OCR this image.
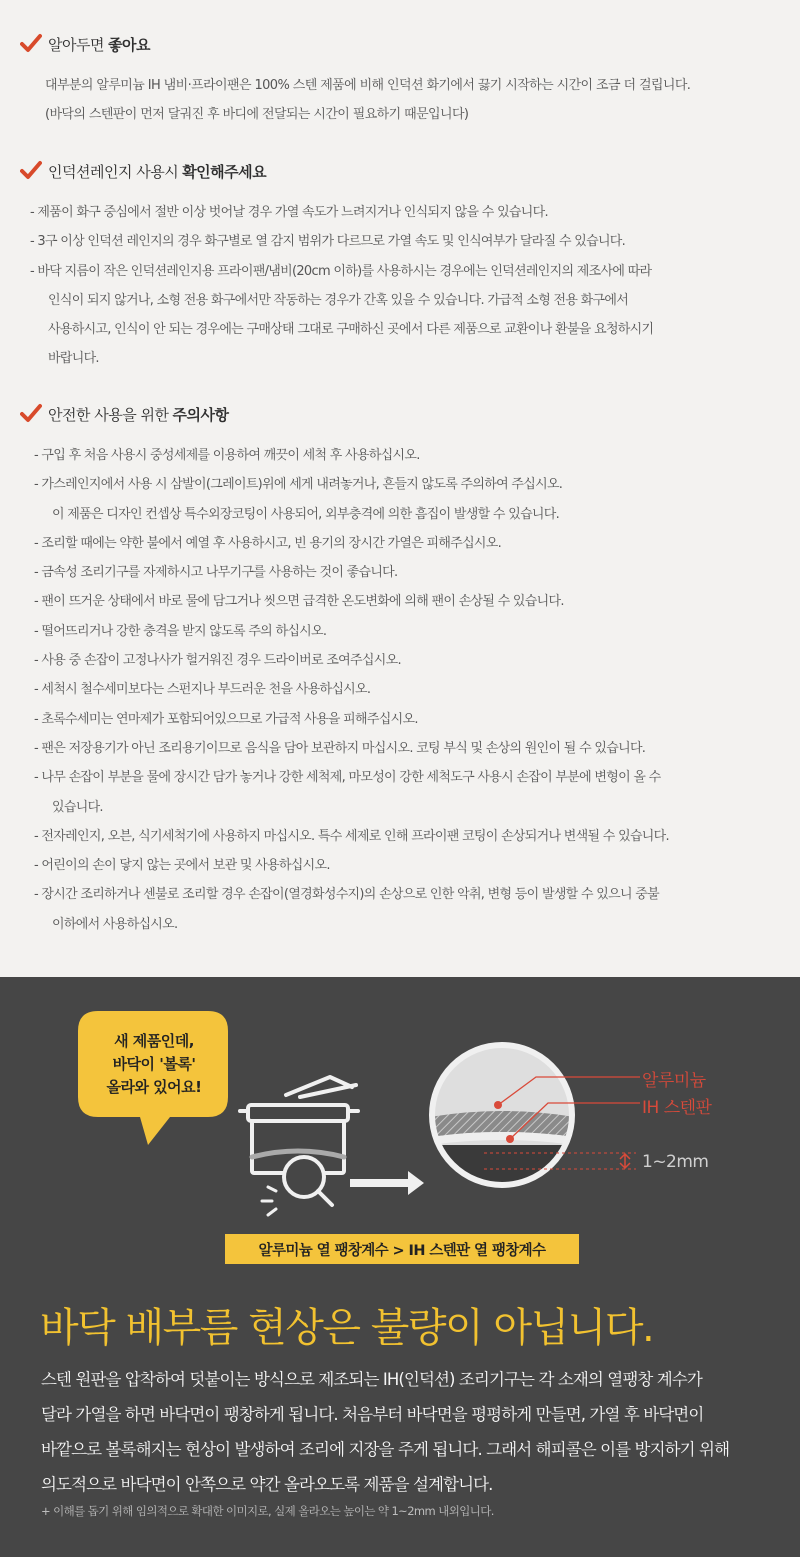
알아두면 좋아요
대부분의 알루미늄 IH 냄비·프라이팬은 100% 스텐 제품에 비해 인덕션 화기에서 끓기 시작하는 시간이 조금 더 걸립니다.
(바닥의 스텐판이 먼저 달궈진 후 바디에 전달되는 시간이 필요하기 때문입니다)
인덕션레인지 사용시 확인해주세요
- 제품이 화구 중심에서 절반 이상 벗어날 경우 가열 속도가 느려지거나 인식되지 않을 수 있습니다.
- 3구 이상 인덕션 레인지의 경우 화구별로 열 감지 범위가 다르므로 가열 속도 및 인식여부가 달라질 수 있습니다.
- 바닥 지름이 작은 인덕션레인지용 프라이팬/냄비(20cm 이하)를 사용하시는 경우에는 인덕션레인지의 제조사에 따라
인식이 되지 않거나, 소형 전용 화구에서만 작동하는 경우가 간혹 있을 수 있습니다. 가급적 소형 전용 화구에서
사용하시고, 인식이 안 되는 경우에는 구매상태 그대로 구매하신 곳에서 다른 제품으로 교환이나 환불을 요청하시기
바랍니다.
안전한 사용을 위한 주의사항
- 구입 후 처음 사용시 중성세제를 이용하여 깨끗이 세척 후 사용하십시오.
- 가스레인지에서 사용 시 삼발이(그레이트)위에 세게 내려놓거나, 흔들지 않도록 주의하여 주십시오.
이 제품은 디자인 컨셉상 특수외장코팅이 사용되어, 외부충격에 의한 흠집이 발생할 수 있습니다.
- 조리할 때에는 약한 불에서 예열 후 사용하시고, 빈 용기의 장시간 가열은 피해주십시오.
- 금속성 조리기구를 자제하시고 나무기구를 사용하는 것이 좋습니다.
- 팬이 뜨거운 상태에서 바로 물에 담그거나 씻으면 급격한 온도변화에 의해 팬이 손상될 수 있습니다.
- 떨어뜨리거나 강한 충격을 받지 않도록 주의 하십시오.
- 사용 중 손잡이 고정나사가 헐거워진 경우 드라이버로 조여주십시오.
- 세척시 철수세미보다는 스펀지나 부드러운 천을 사용하십시오.
- 초록수세미는 연마제가 포함되어있으므로 가급적 사용을 피해주십시오.
- 팬은 저장용기가 아닌 조리용기이므로 음식을 담아 보관하지 마십시오. 코팅 부식 및 손상의 원인이 될 수 있습니다.
- 나무 손잡이 부분을 물에 장시간 담가 놓거나 강한 세척제, 마모성이 강한 세척도구 사용시 손잡이 부분에 변형이 올 수
있습니다.
- 전자레인지, 오븐, 식기세척기에 사용하지 마십시오. 특수 세제로 인해 프라이팬 코팅이 손상되거나 변색될 수 있습니다.
- 어린이의 손이 닿지 않는 곳에서 보관 및 사용하십시오.
- 장시간 조리하거나 센불로 조리할 경우 손잡이(열경화성수지)의 손상으로 인한 악취, 변형 등이 발생할 수 있으니 중불
이하에서 사용하십시오.
새 제품인데,
바닥이 '볼록'
올라와 있어요!	알루미늄
IH 스텐판
1~2mm
알루미늄 열 팽창계수 > IH 스텐판 열 팽창계수
바닥 배부름 현상은 불량이 아닙니다.
스텐 원판을 압착하여 덧붙이는 방식으로 제조되는 IH(인덕션) 조리기구는 각 소재의 열팽창 계수가
달라 가열을 하면 바닥면이 팽창하게 됩니다. 처음부터 바닥면을 평평하게 만들면, 가열 후 바닥면이
바깥으로 볼록해지는 현상이 발생하여 조리에 지장을 주게 됩니다. 그래서 해피콜은 이를 방지하기 위해
의도적으로 바닥면이 안쪽으로 약간 올라오도록 제품을 설계합니다.
+ 이해를 돕기 위해 임의적으로 확대한 이미지로, 실제 올라오는 높이는 약 1~2mm 내외입니다.
